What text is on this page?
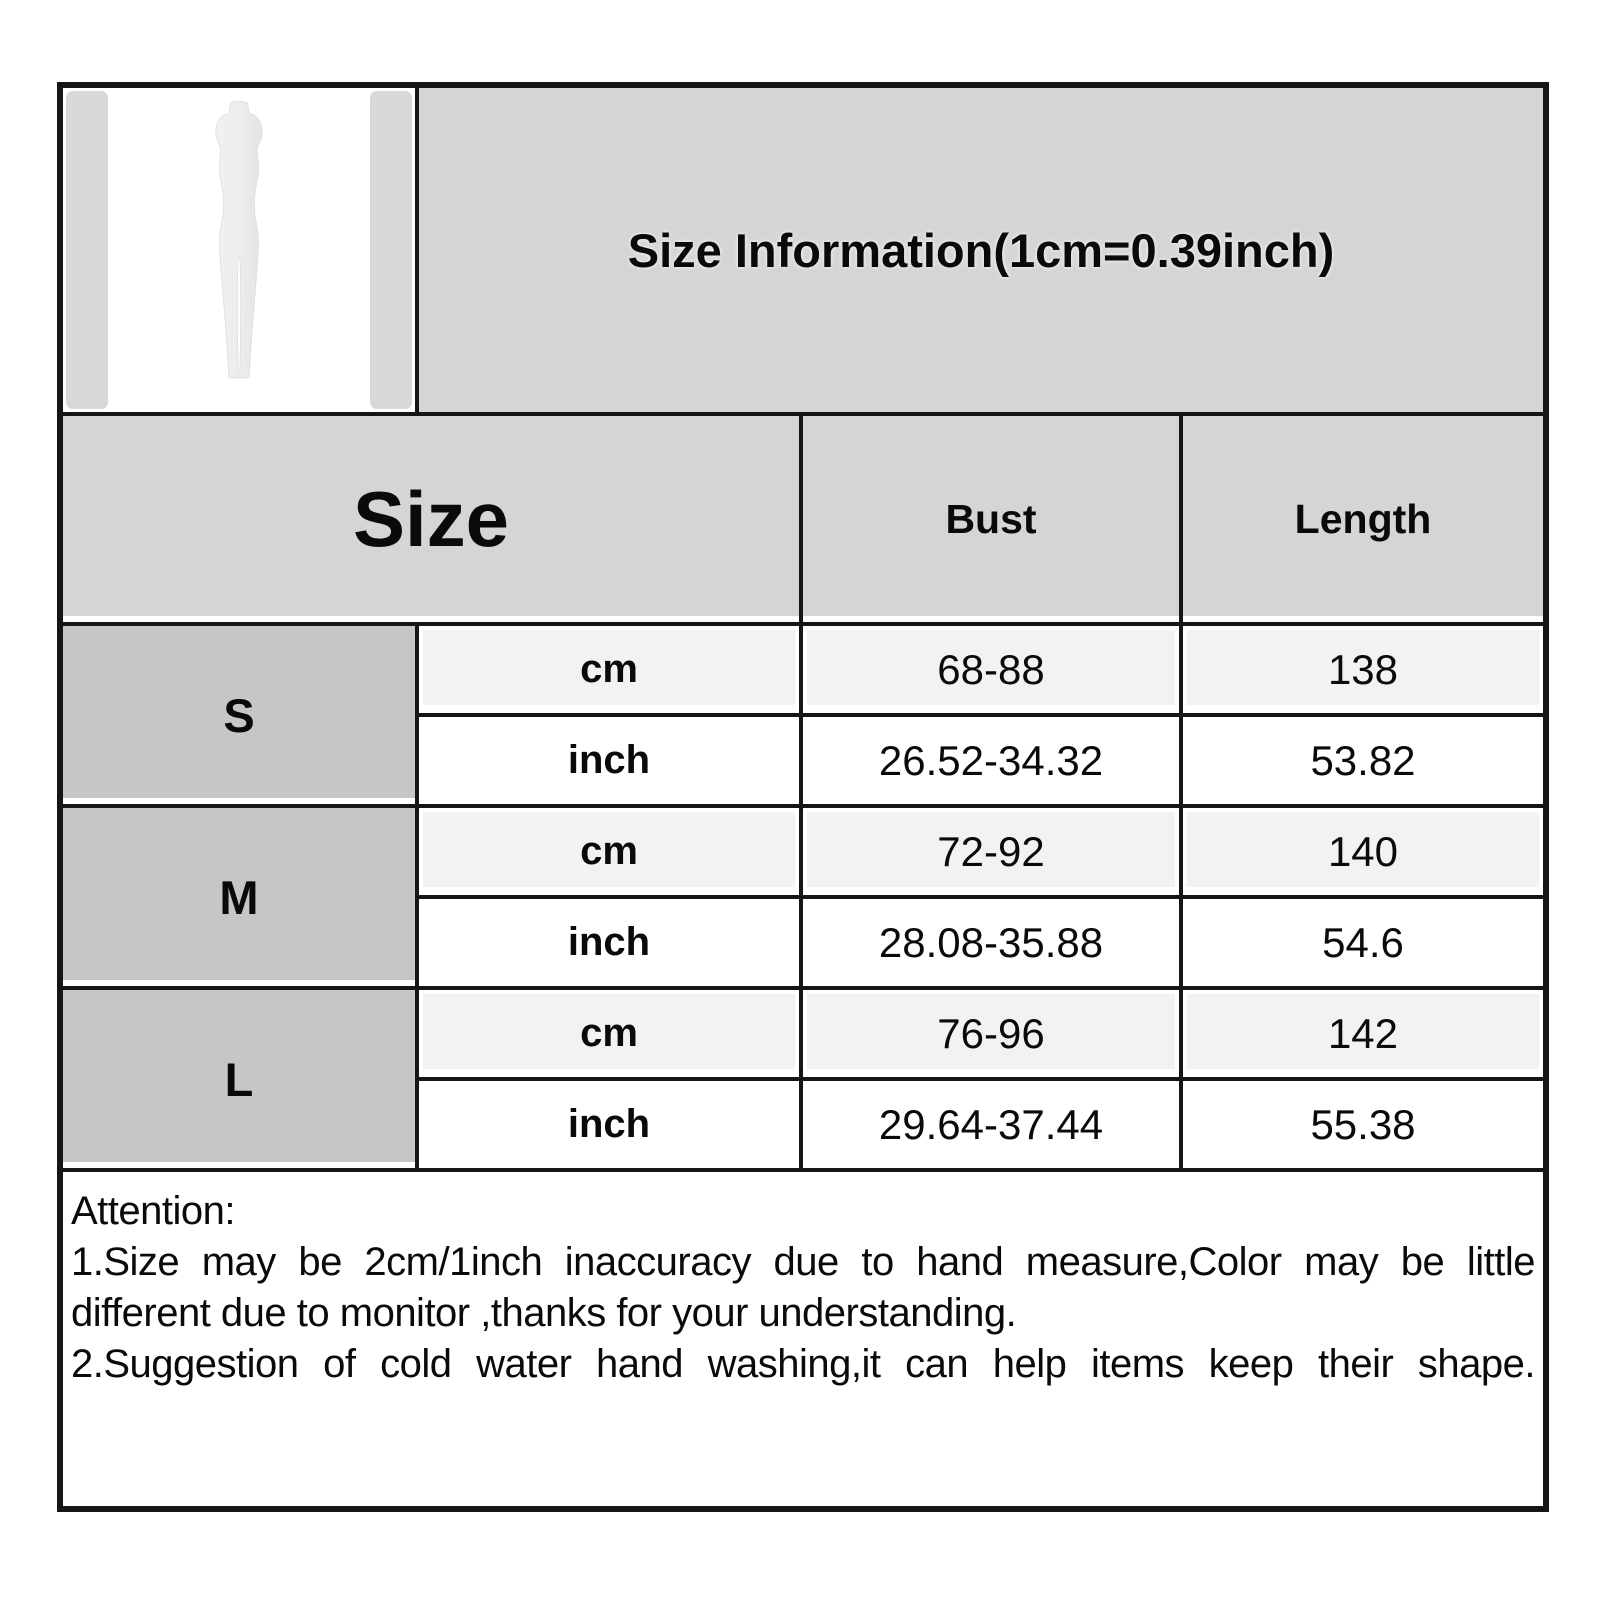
Size Information(1cm=0.39inch)
Size	Bust	Length
S
cm	68-88	138
inch	26.52-34.32	53.82
M
cm	72-92	140
inch	28.08-35.88	54.6
L
cm	76-96	142
inch	29.64-37.44	55.38
Attention:
1.Size may be 2cm/1inch inaccuracy due to hand measure,Color may be little
different due to monitor ,thanks for your understanding.
2.Suggestion of cold water hand washing,it can help items keep their shape.
